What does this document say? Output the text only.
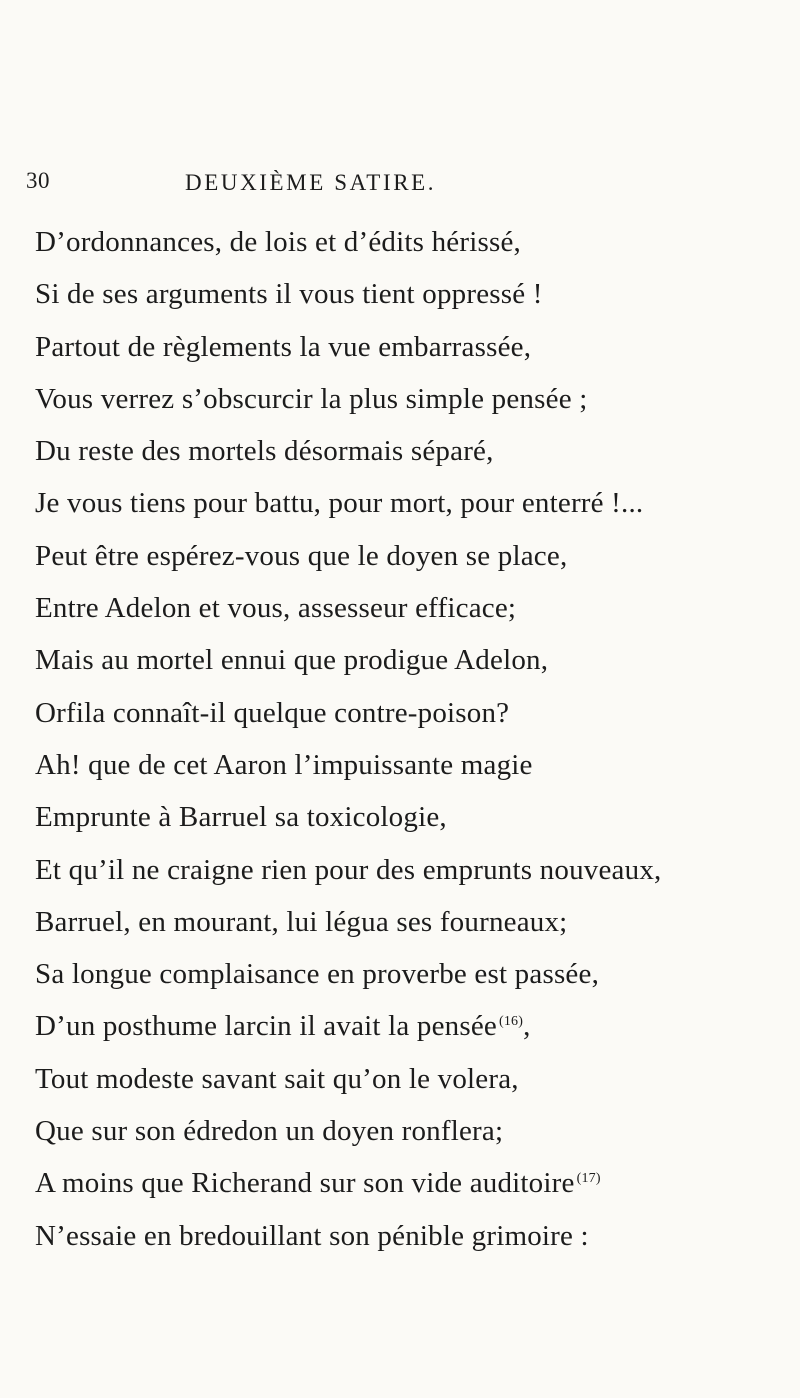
30	DEUXIÈME SATIRE.
D’ordonnances, de lois et d’édits hérissé,
Si de ses arguments il vous tient oppressé !
Partout de règlements la vue embarrassée,
Vous verrez s’obscurcir la plus simple pensée ;
Du reste des mortels désormais séparé,
Je vous tiens pour battu, pour mort, pour enterré !...
Peut être espérez-vous que le doyen se place,
Entre Adelon et vous, assesseur efficace;
Mais au mortel ennui que prodigue Adelon,
Orfila connaît-il quelque contre-poison?
Ah! que de cet Aaron l’impuissante magie
Emprunte à Barruel sa toxicologie,
Et qu’il ne craigne rien pour des emprunts nouveaux,
Barruel, en mourant, lui légua ses fourneaux;
Sa longue complaisance en proverbe est passée,
D’un posthume larcin il avait la pensée $^{(16)}$,
Tout modeste savant sait qu’on le volera,
Que sur son édredon un doyen ronflera;
A moins que Richerand sur son vide auditoire $^{(17)}$
N’essaie en bredouillant son pénible grimoire :
